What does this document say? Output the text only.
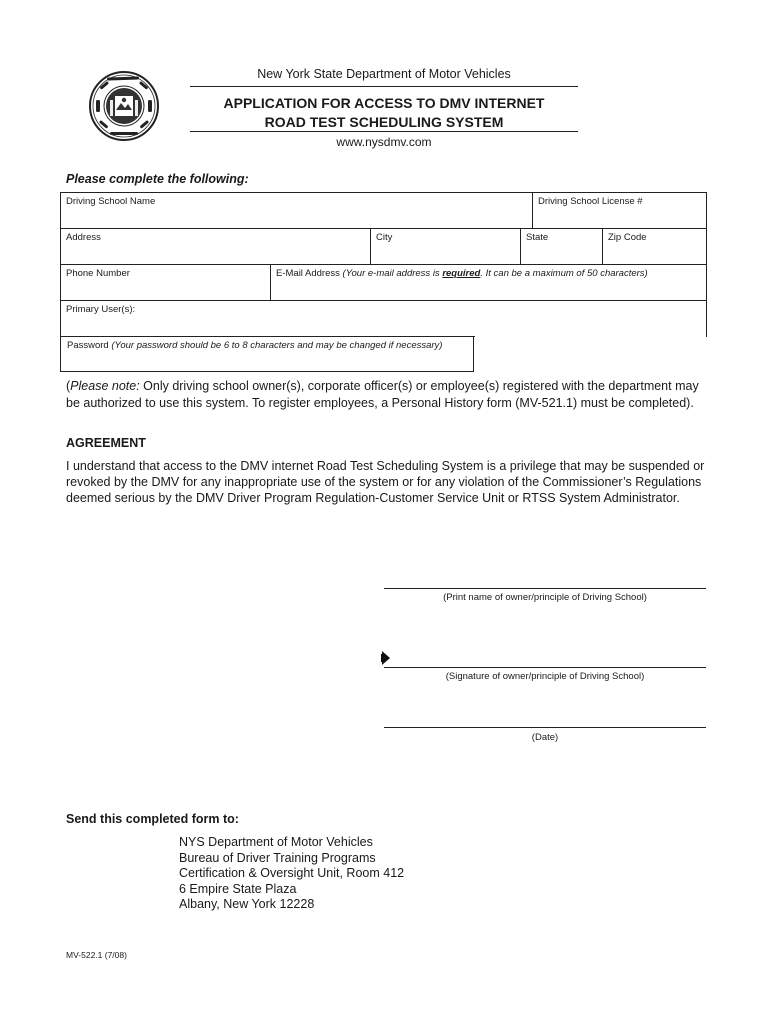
New York State Department of Motor Vehicles
APPLICATION FOR ACCESS TO DMV INTERNET
ROAD TEST SCHEDULING SYSTEM
www.nysdmv.com
Please complete the following:
Driving School Name	Driving School License #
Address	City	State	Zip Code
Phone Number	E-Mail Address (Your e-mail address is required. It can be a maximum of 50 characters)
Primary User(s):
Password (Your password should be 6 to 8 characters and may be changed if necessary)
(Please note: Only driving school owner(s), corporate officer(s) or employee(s) registered with the department may be authorized to use this system. To register employees, a Personal History form (MV-521.1) must be completed).
AGREEMENT
I understand that access to the DMV internet Road Test Scheduling System is a privilege that may be suspended or revoked by the DMV for any inappropriate use of the system or for any violation of the Commissioner’s Regulations deemed serious by the DMV Driver Program Regulation-Customer Service Unit or RTSS System Administrator.
(Print name of owner/principle of Driving School)
(Signature of owner/principle of Driving School)
(Date)
Send this completed form to:
NYS Department of Motor Vehicles
Bureau of Driver Training Programs
Certification & Oversight Unit, Room 412
6 Empire State Plaza
Albany, New York 12228
MV-522.1 (7/08)
